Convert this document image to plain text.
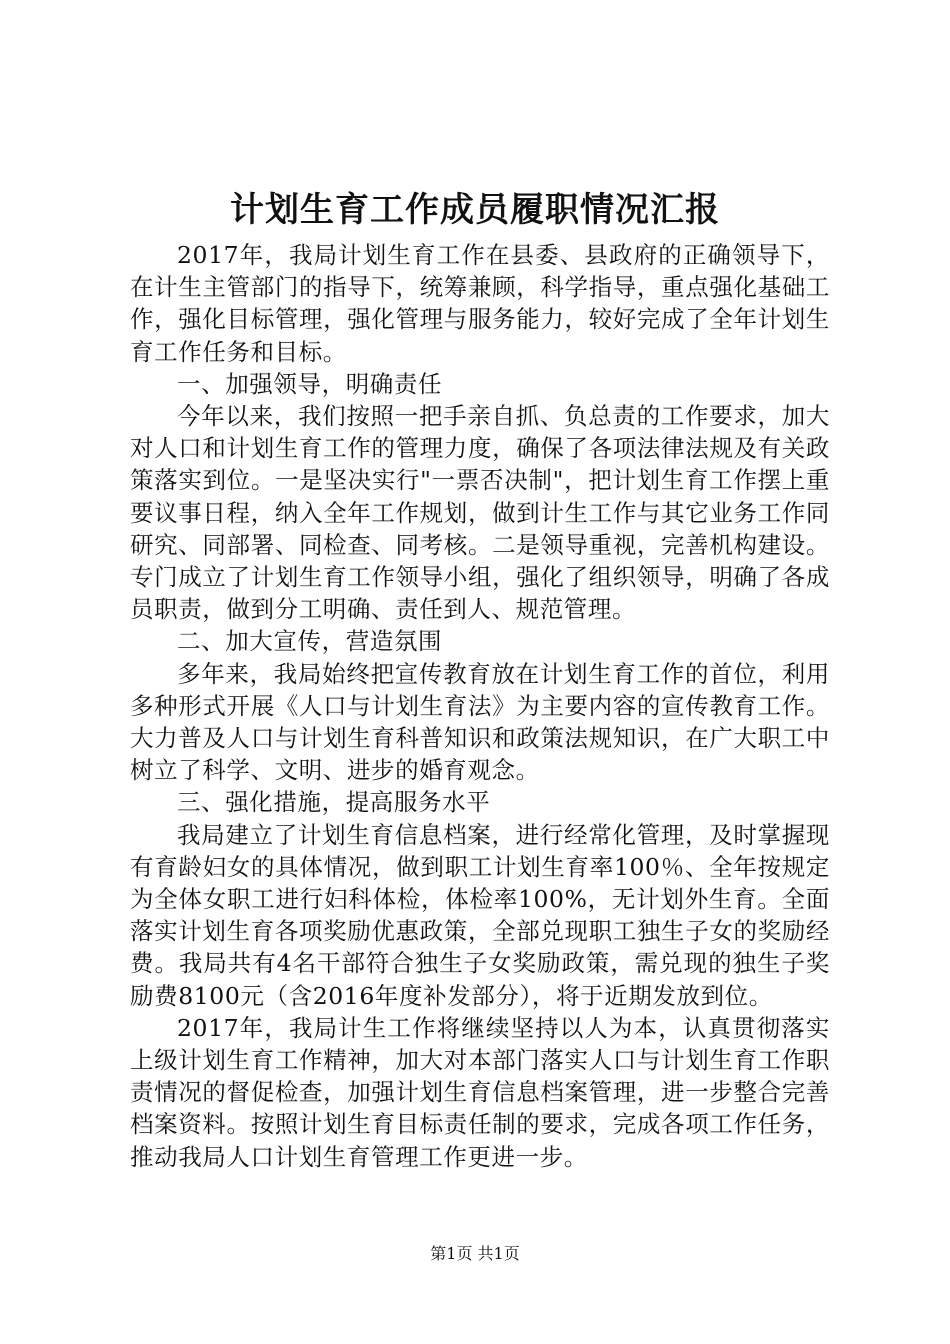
计划生育工作成员履职情况汇报

2017年，我局计划生育工作在县委、县政府的正确领导下，在计生主管部门的指导下，统筹兼顾，科学指导，重点强化基础工作，强化目标管理，强化管理与服务能力，较好完成了全年计划生育工作任务和目标。

一、加强领导，明确责任

今年以来，我们按照一把手亲自抓、负总责的工作要求，加大对人口和计划生育工作的管理力度，确保了各项法律法规及有关政策落实到位。一是坚决实行"一票否决制"，把计划生育工作摆上重要议事日程，纳入全年工作规划，做到计生工作与其它业务工作同研究、同部署、同检查、同考核。二是领导重视，完善机构建设。专门成立了计划生育工作领导小组，强化了组织领导，明确了各成员职责，做到分工明确、责任到人、规范管理。

二、加大宣传，营造氛围

多年来，我局始终把宣传教育放在计划生育工作的首位，利用多种形式开展《人口与计划生育法》为主要内容的宣传教育工作。大力普及人口与计划生育科普知识和政策法规知识，在广大职工中树立了科学、文明、进步的婚育观念。

三、强化措施，提高服务水平

我局建立了计划生育信息档案，进行经常化管理，及时掌握现有育龄妇女的具体情况，做到职工计划生育率100％、全年按规定为全体女职工进行妇科体检，体检率100%，无计划外生育。全面落实计划生育各项奖励优惠政策，全部兑现职工独生子女的奖励经费。我局共有4名干部符合独生子女奖励政策，需兑现的独生子奖励费8100元（含2016年度补发部分），将于近期发放到位。

2017年，我局计生工作将继续坚持以人为本，认真贯彻落实上级计划生育工作精神，加大对本部门落实人口与计划生育工作职责情况的督促检查，加强计划生育信息档案管理，进一步整合完善档案资料。按照计划生育目标责任制的要求，完成各项工作任务，推动我局人口计划生育管理工作更进一步。

第1页 共1页
